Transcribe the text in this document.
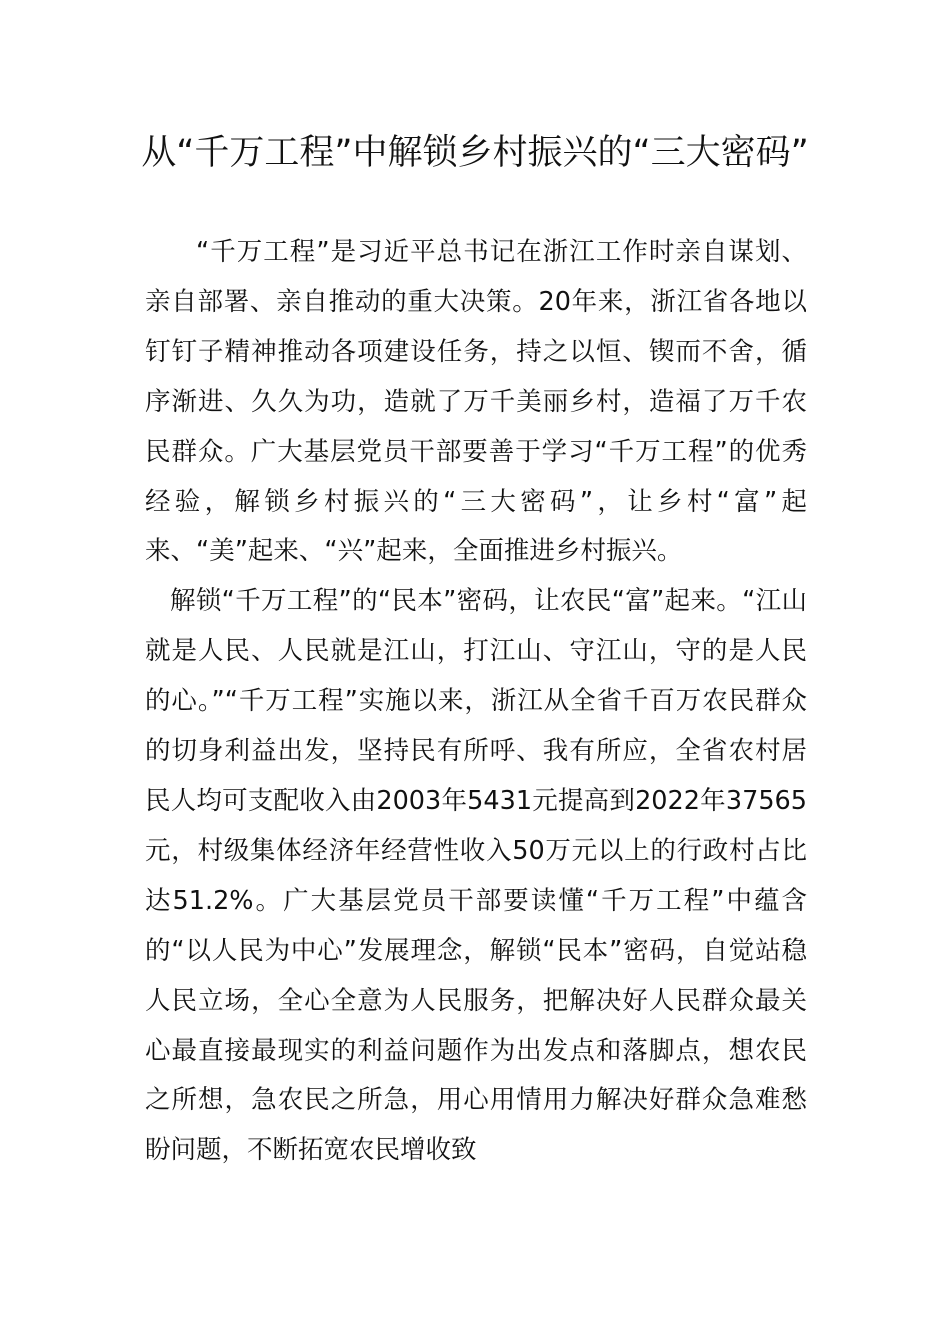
从“千万工程”中解锁乡村振兴的“三大密码”

“千万工程”是习近平总书记在浙江工作时亲自谋划、亲自部署、亲自推动的重大决策。20年来，浙江省各地以钉钉子精神推动各项建设任务，持之以恒、锲而不舍，循序渐进、久久为功，造就了万千美丽乡村，造福了万千农民群众。广大基层党员干部要善于学习“千万工程”的优秀经验，解锁乡村振兴的“三大密码”，让乡村“富”起来、“美”起来、“兴”起来，全面推进乡村振兴。

解锁“千万工程”的“民本”密码，让农民“富”起来。“江山就是人民、人民就是江山，打江山、守江山，守的是人民的心。”“千万工程”实施以来，浙江从全省千百万农民群众的切身利益出发，坚持民有所呼、我有所应，全省农村居民人均可支配收入由2003年5431元提高到2022年37565元，村级集体经济年经营性收入50万元以上的行政村占比达51.2%。广大基层党员干部要读懂“千万工程”中蕴含的“以人民为中心”发展理念，解锁“民本”密码，自觉站稳人民立场，全心全意为人民服务，把解决好人民群众最关心最直接最现实的利益问题作为出发点和落脚点，想农民之所想，急农民之所急，用心用情用力解决好群众急难愁盼问题，不断拓宽农民增收致
